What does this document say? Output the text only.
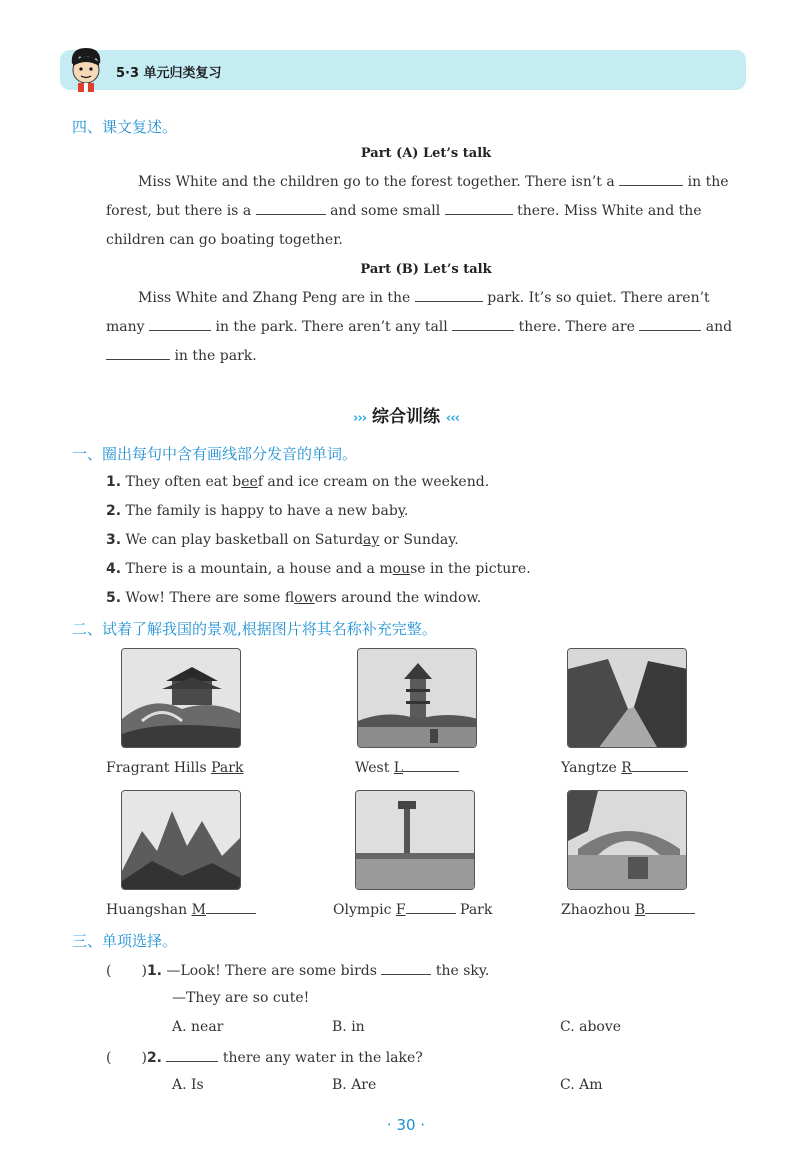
5·3 单元归类复习
四、课文复述。
Part (A) Let’s talk
Miss White and the children go to the forest together. There isn’t a	in the
forest, but there is a	and some small	there. Miss White and the
children can go boating together.
Part (B) Let’s talk
Miss White and Zhang Peng are in the	park. It’s so quiet. There aren’t
many	in the park. There aren’t any tall	there. There are	and
in the park.
››› 综合训练 ‹‹‹
一、圈出每句中含有画线部分发音的单词。
1. They often eat beef and ice cream on the weekend.
2. The family is happy to have a new baby.
3. We can play basketball on Saturday or Sunday.
4. There is a mountain, a house and a mouse in the picture.
5. Wow! There are some flowers around the window.
二、试着了解我国的景观,根据图片将其名称补充完整。
Fragrant Hills Park	West L	Yangtze R
Huangshan M	Olympic F	Park	Zhaozhou B
三、单项选择。
( )1. —Look! There are some birds	the sky.
—They are so cute!
A. near	B. in	C. above
( )2.	there any water in the lake?
A. Is	B. Are	C. Am
· 30 ·
